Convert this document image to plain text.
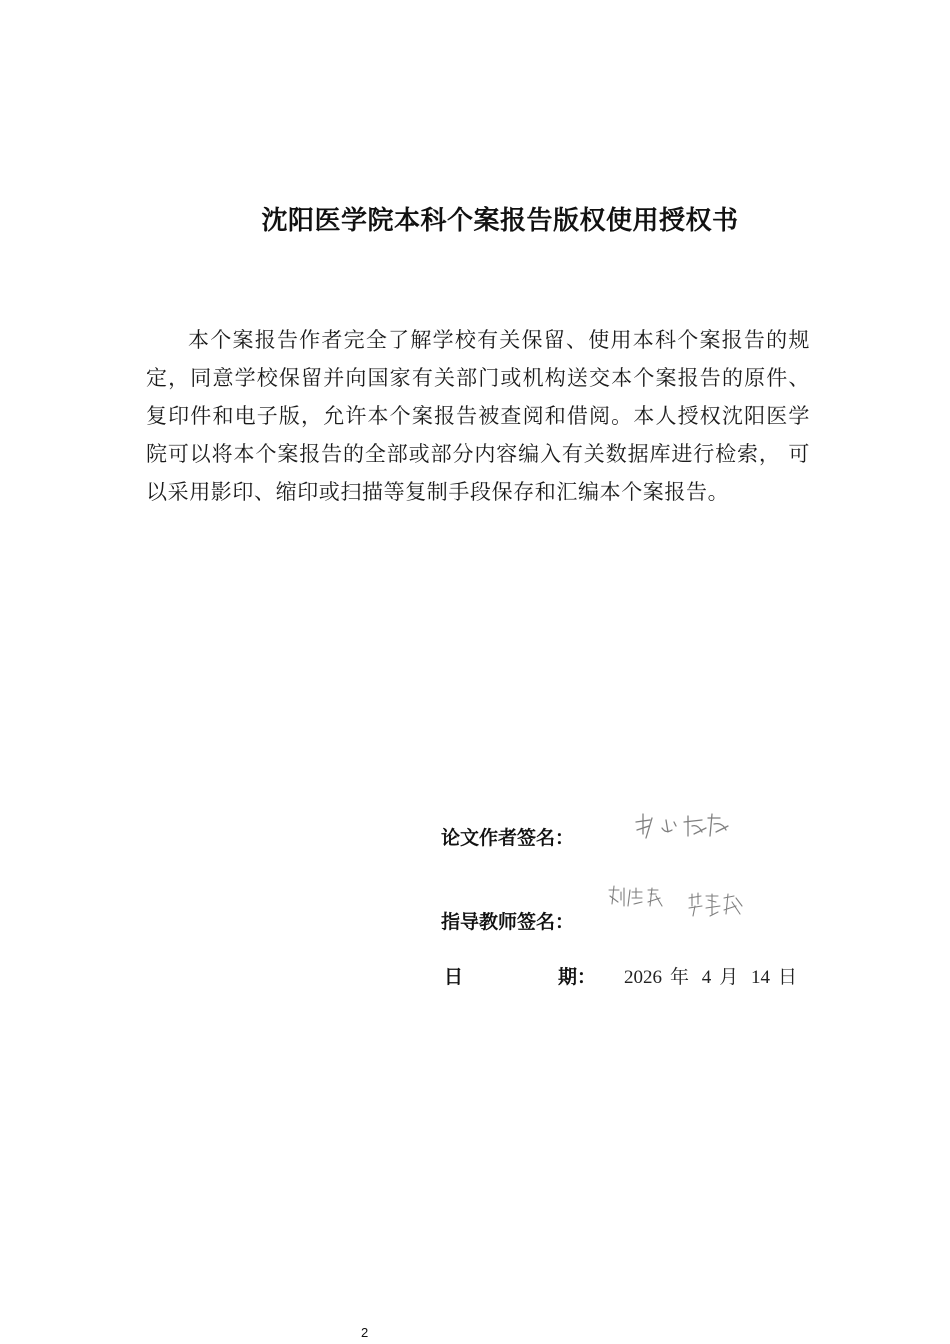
沈阳医学院本科个案报告版权使用授权书
本个案报告作者完全了解学校有关保留、使用本科个案报告的规定，同意学校保留并向国家有关部门或机构送交本个案报告的原件、复印件和电子版，允许本个案报告被查阅和借阅。本人授权沈阳医学院可以将本个案报告的全部或部分内容编入有关数据库进行检索， 可以采用影印、缩印或扫描等复制手段保存和汇编本个案报告。
论文作者签名：
指导教师签名：
日	期： 2026 年 4 月 14 日
2
